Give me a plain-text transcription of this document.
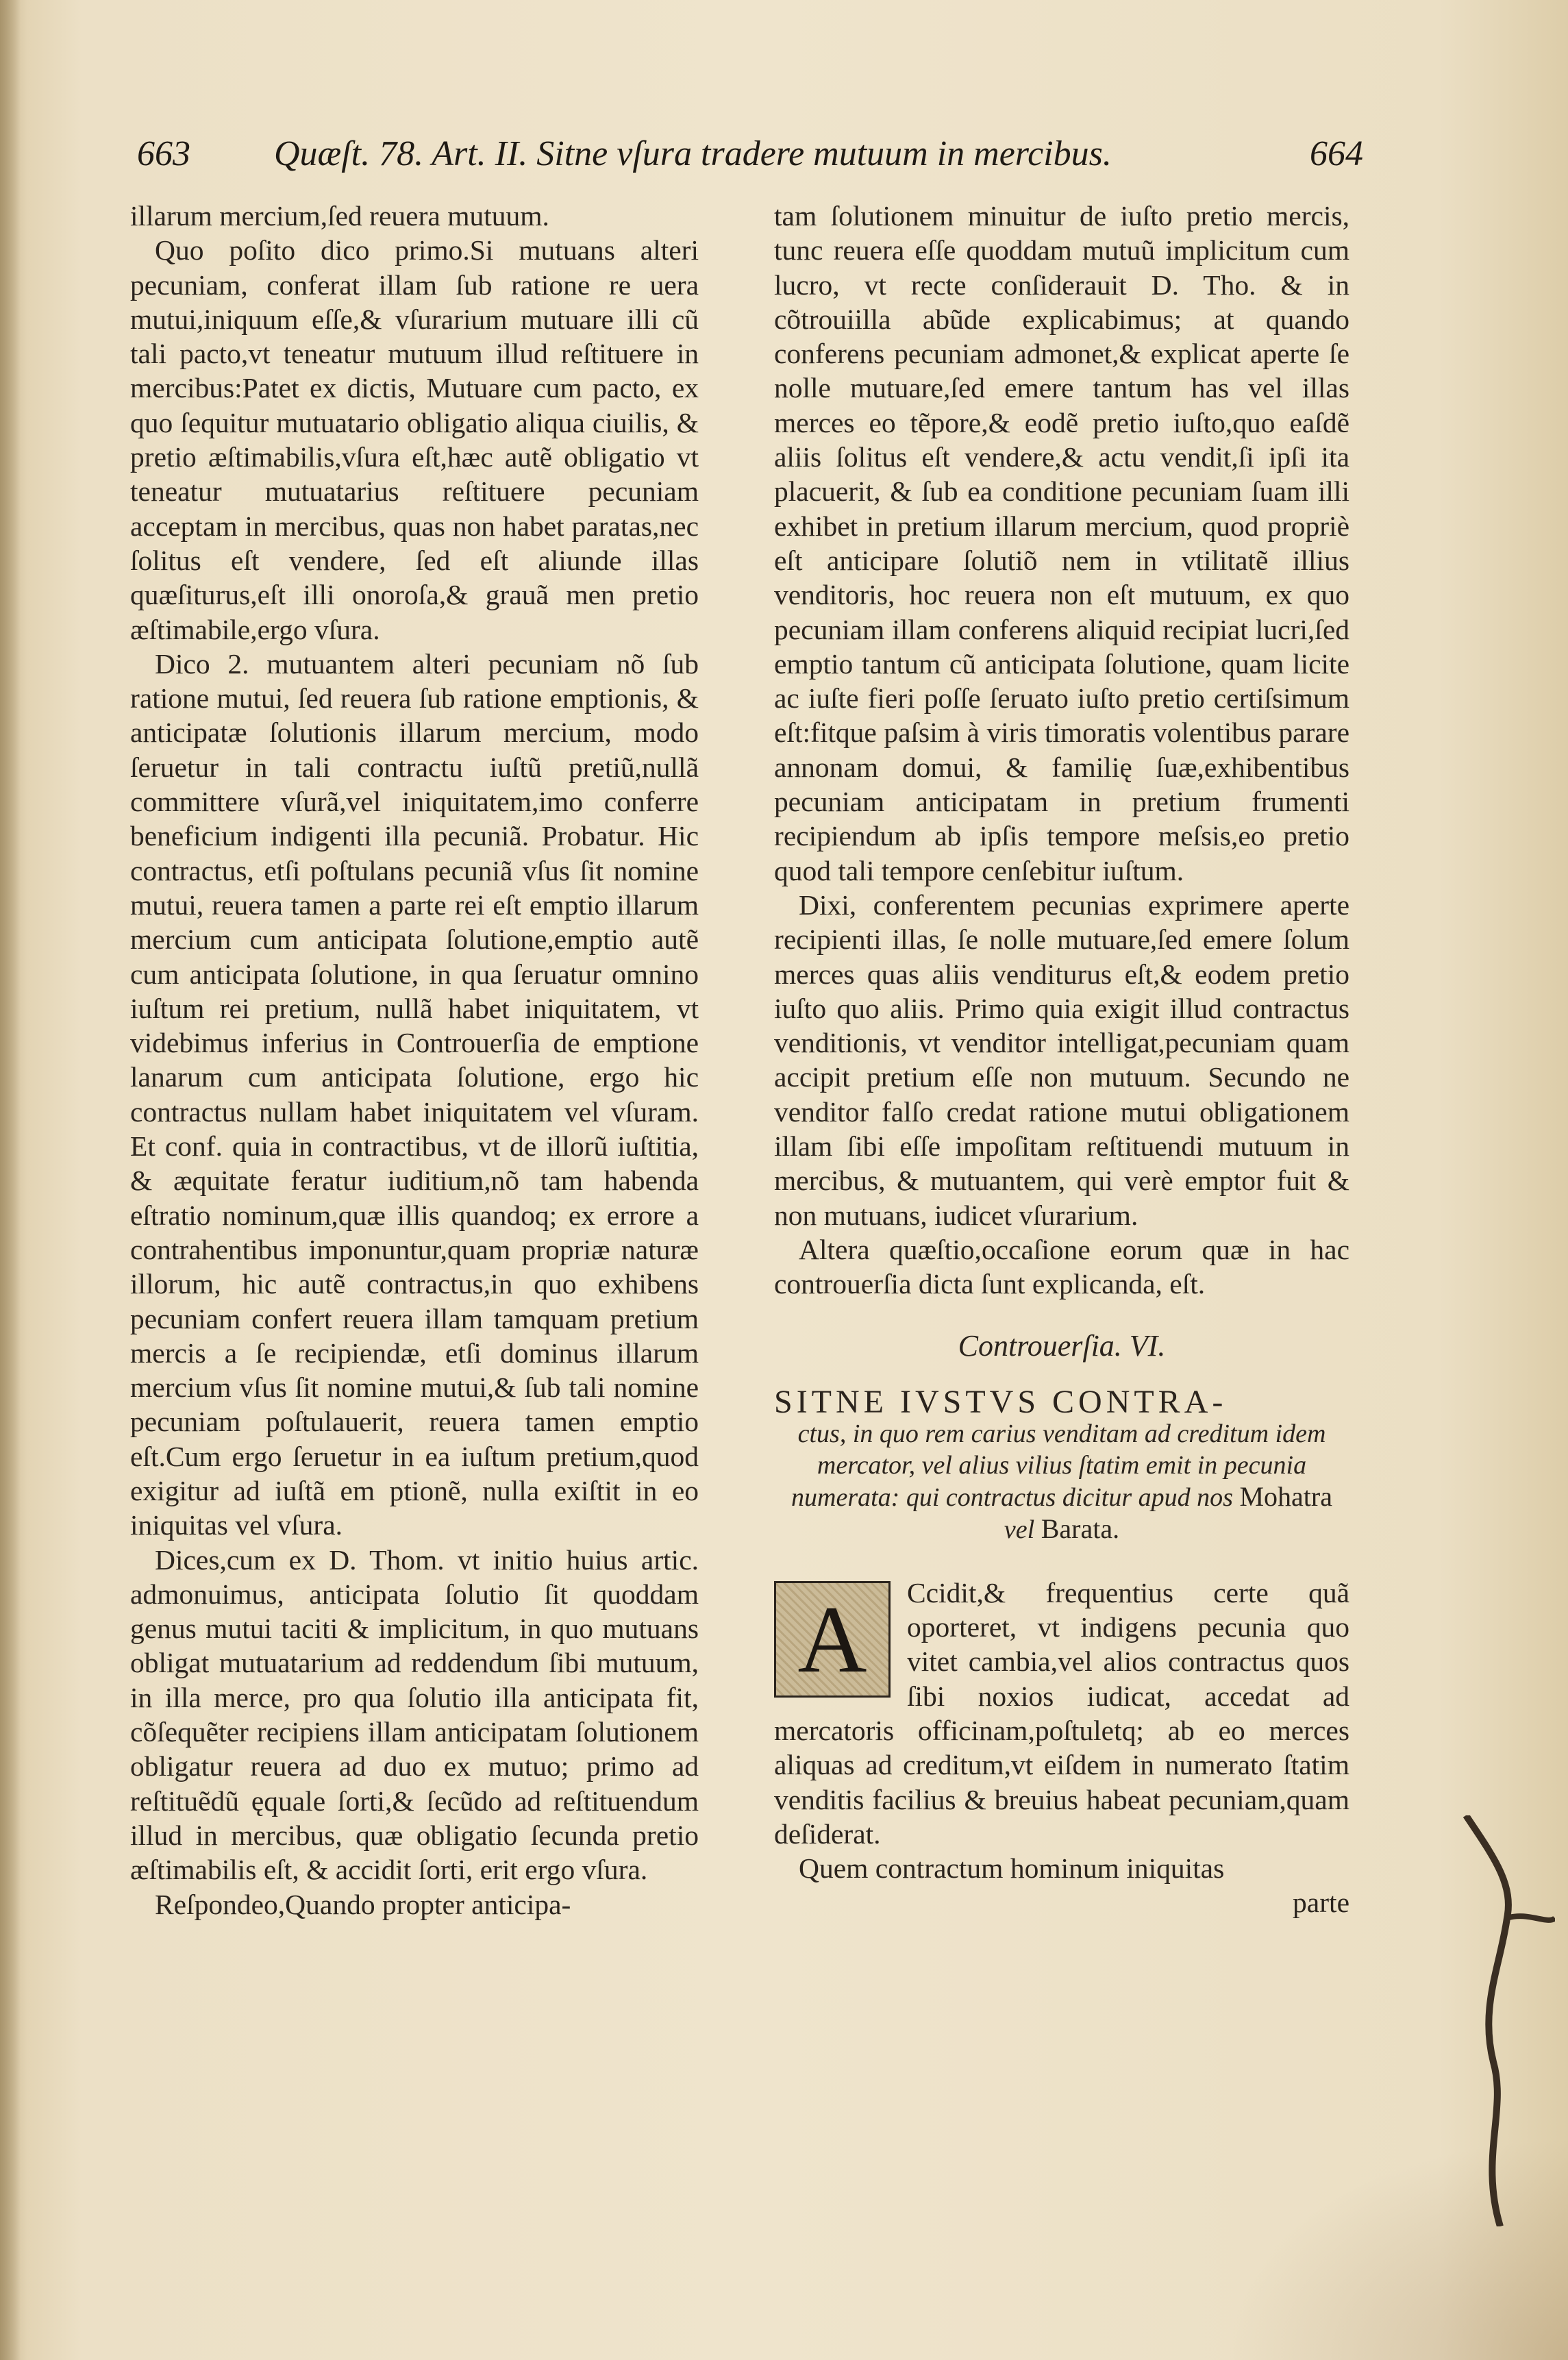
663 Quæſt. 78. Art. II. Sitne vſura tradere mutuum in mercibus.	664

illarum mercium,ſed reuera mutuum.

Quo poſito dico primo.Si mutuans alteri pecuniam, conferat illam ſub ratione re uera mutui,iniquum eſſe,& vſurarium mutuare illi cũ tali pacto,vt teneatur mutuum illud reſtituere in mercibus:Patet ex dictis, Mutuare cum pacto, ex quo ſequitur mutuatario obligatio aliqua ciuilis, & pretio æſtimabilis,vſura eſt,hæc autẽ obligatio vt teneatur mutuatarius reſtituere pecuniam acceptam in mercibus, quas non habet paratas,nec ſolitus eſt vendere, ſed eſt aliunde illas quæſiturus,eſt illi onoroſa,& grauã men pretio æſtimabile,ergo vſura.

Dico 2. mutuantem alteri pecuniam nõ ſub ratione mutui, ſed reuera ſub ratione emptionis, & anticipatæ ſolutionis illarum mercium, modo ſeruetur in tali contractu iuſtũ pretiũ,nullã committere vſurã,vel iniquitatem,imo conferre beneficium indigenti illa pecuniã. Probatur. Hic contractus, etſi poſtulans pecuniã vſus ſit nomine mutui, reuera tamen a parte rei eſt emptio illarum mercium cum anticipata ſolutione,emptio autẽ cum anticipata ſolutione, in qua ſeruatur omnino iuſtum rei pretium, nullã habet iniquitatem, vt videbimus inferius in Controuerſia de emptione lanarum cum anticipata ſolutione, ergo hic contractus nullam habet iniquitatem vel vſuram. Et conf. quia in contractibus, vt de illorũ iuſtitia, & æquitate feratur iuditium,nõ tam habenda eſtratio nominum,quæ illis quandoq; ex errore a contrahentibus imponuntur,quam propriæ naturæ illorum, hic autẽ contractus,in quo exhibens pecuniam confert reuera illam tamquam pretium mercis a ſe recipiendæ, etſi dominus illarum mercium vſus ſit nomine mutui,& ſub tali nomine pecuniam poſtulauerit, reuera tamen emptio eſt.Cum ergo ſeruetur in ea iuſtum pretium,quod exigitur ad iuſtã em ptionẽ, nulla exiſtit in eo iniquitas vel vſura.

Dices,cum ex D. Thom. vt initio huius artic. admonuimus, anticipata ſolutio ſit quoddam genus mutui taciti & implicitum, in quo mutuans obligat mutuatarium ad reddendum ſibi mutuum, in illa merce, pro qua ſolutio illa anticipata fit, cõſequẽter recipiens illam anticipatam ſolutionem obligatur reuera ad duo ex mutuo; primo ad reſtituẽdũ ęquale ſorti,& ſecũdo ad reſtituendum illud in mercibus, quæ obligatio ſecunda pretio æſtimabilis eſt, & accidit ſorti, erit ergo vſura.

Reſpondeo,Quando propter anticipa-

tam ſolutionem minuitur de iuſto pretio mercis, tunc reuera eſſe quoddam mutuũ implicitum cum lucro, vt recte conſiderauit D. Tho. & in cõtrouiilla abũde explicabimus; at quando conferens pecuniam admonet,& explicat aperte ſe nolle mutuare,ſed emere tantum has vel illas merces eo tẽpore,& eodẽ pretio iuſto,quo eaſdẽ aliis ſolitus eſt vendere,& actu vendit,ſi ipſi ita placuerit, & ſub ea conditione pecuniam ſuam illi exhibet in pretium illarum mercium, quod propriè eſt anticipare ſolutiõ nem in vtilitatẽ illius venditoris, hoc reuera non eſt mutuum, ex quo pecuniam illam conferens aliquid recipiat lucri,ſed emptio tantum cũ anticipata ſolutione, quam licite ac iuſte fieri poſſe ſeruato iuſto pretio certiſsimum eſt:fitque paſsim à viris timoratis volentibus parare annonam domui, & familię ſuæ,exhibentibus pecuniam anticipatam in pretium frumenti recipiendum ab ipſis tempore meſsis,eo pretio quod tali tempore cenſebitur iuſtum.

Dixi, conferentem pecunias exprimere aperte recipienti illas, ſe nolle mutuare,ſed emere ſolum merces quas aliis venditurus eſt,& eodem pretio iuſto quo aliis. Primo quia exigit illud contractus venditionis, vt venditor intelligat,pecuniam quam accipit pretium eſſe non mutuum. Secundo ne venditor falſo credat ratione mutui obligationem illam ſibi eſſe impoſitam reſtituendi mutuum in mercibus, & mutuantem, qui verè emptor fuit & non mutuans, iudicet vſurarium.

Altera quæſtio,occaſione eorum quæ in hac controuerſia dicta ſunt explicanda, eſt.

Controuerſia. VI.
SITNE IVSTVS CONTRA-
ctus, in quo rem carius venditam ad creditum idem mercator, vel alius vilius ſtatim emit in pecunia numerata: qui contractus dicitur apud nos Mohatra vel Barata.
A	Ccidit,& frequentius certe quã oporteret, vt indigens pecunia quo vitet cambia,vel alios contractus quos ſibi noxios iudicat, accedat ad mercatoris officinam,poſtuletq; ab eo merces aliquas ad creditum,vt eiſdem in numerato ſtatim venditis facilius & breuius habeat pecuniam,quam deſiderat.

Quem contractum hominum iniquitas

parte
